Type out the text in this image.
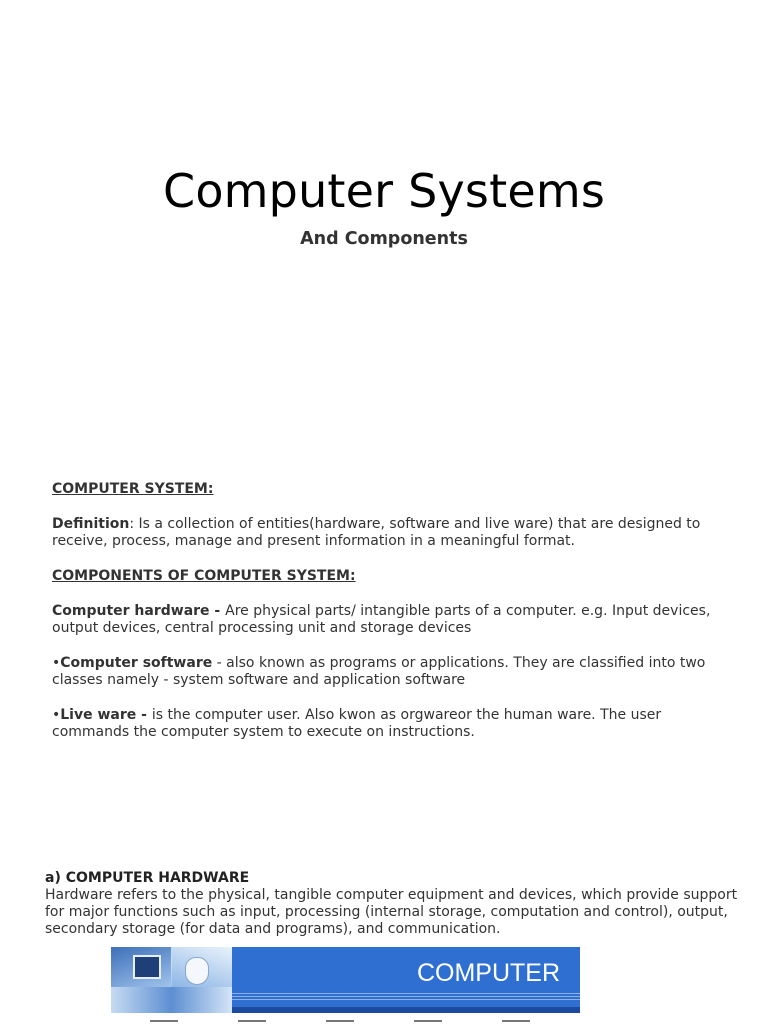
Computer Systems
And Components
COMPUTER SYSTEM:
Definition: Is a collection of entities(hardware, software and live ware) that are designed to receive, process, manage and present information in a meaningful format.
COMPONENTS OF COMPUTER SYSTEM:
Computer hardware - Are physical parts/ intangible parts of a computer. e.g. Input devices, output devices, central processing unit and storage devices
•Computer software - also known as programs or applications. They are classified into two classes namely - system software and application software
•Live ware - is the computer user. Also kwon as orgwareor the human ware. The user commands the computer system to execute on instructions.
a) COMPUTER HARDWARE
Hardware refers to the physical, tangible computer equipment and devices, which provide support for major functions such as input, processing (internal storage, computation and control), output, secondary storage (for data and programs), and communication.
COMPUTER
